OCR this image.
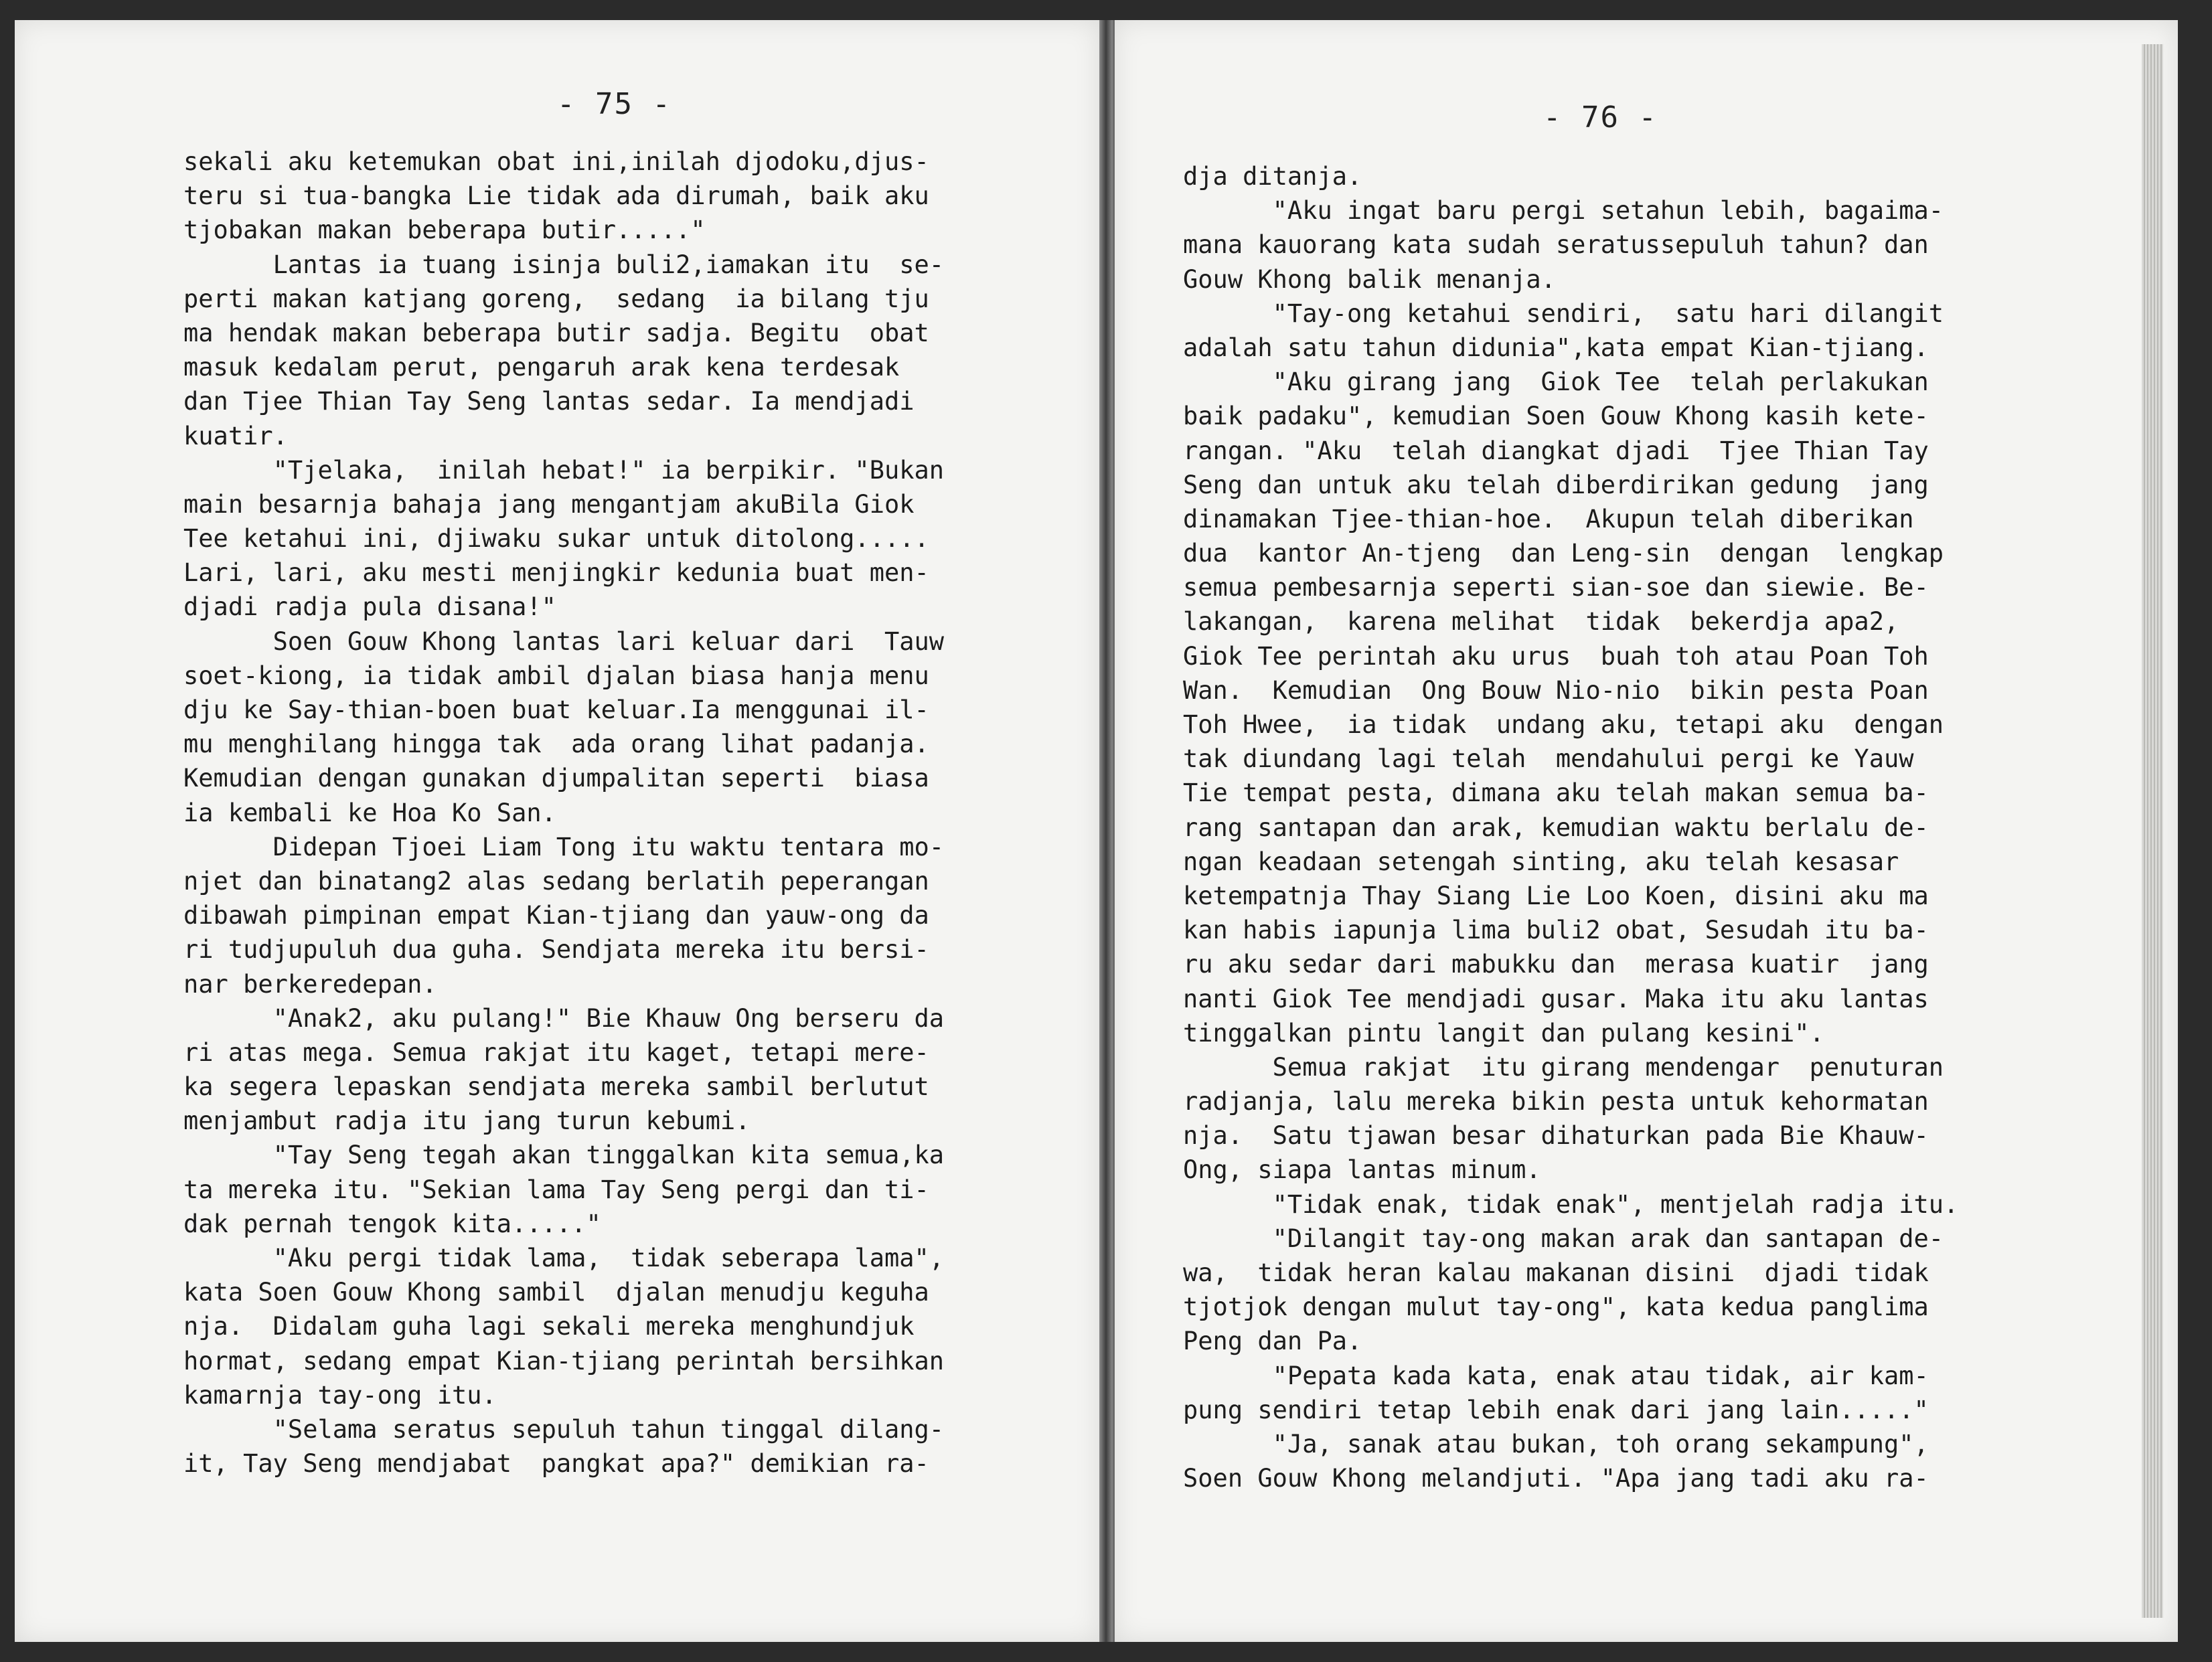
- 75 -
sekali aku ketemukan obat ini,inilah djodoku,djus-
teru si tua-bangka Lie tidak ada dirumah, baik aku
tjobakan makan beberapa butir....."
Lantas ia tuang isinja buli2,iamakan itu  se-
perti makan katjang goreng,  sedang  ia bilang tju
ma hendak makan beberapa butir sadja. Begitu  obat
masuk kedalam perut, pengaruh arak kena terdesak
dan Tjee Thian Tay Seng lantas sedar. Ia mendjadi
kuatir.
"Tjelaka,  inilah hebat!" ia berpikir. "Bukan
main besarnja bahaja jang mengantjam akuBila Giok
Tee ketahui ini, djiwaku sukar untuk ditolong.....
Lari, lari, aku mesti menjingkir kedunia buat men-
djadi radja pula disana!"
Soen Gouw Khong lantas lari keluar dari  Tauw
soet-kiong, ia tidak ambil djalan biasa hanja menu
dju ke Say-thian-boen buat keluar.Ia menggunai il-
mu menghilang hingga tak  ada orang lihat padanja.
Kemudian dengan gunakan djumpalitan seperti  biasa
ia kembali ke Hoa Ko San.
Didepan Tjoei Liam Tong itu waktu tentara mo-
njet dan binatang2 alas sedang berlatih peperangan
dibawah pimpinan empat Kian-tjiang dan yauw-ong da
ri tudjupuluh dua guha. Sendjata mereka itu bersi-
nar berkeredepan.
"Anak2, aku pulang!" Bie Khauw Ong berseru da
ri atas mega. Semua rakjat itu kaget, tetapi mere-
ka segera lepaskan sendjata mereka sambil berlutut
menjambut radja itu jang turun kebumi.
"Tay Seng tegah akan tinggalkan kita semua,ka
ta mereka itu. "Sekian lama Tay Seng pergi dan ti-
dak pernah tengok kita....."
"Aku pergi tidak lama,  tidak seberapa lama",
kata Soen Gouw Khong sambil  djalan menudju keguha
nja.  Didalam guha lagi sekali mereka menghundjuk
hormat, sedang empat Kian-tjiang perintah bersihkan
kamarnja tay-ong itu.
"Selama seratus sepuluh tahun tinggal dilang-
it, Tay Seng mendjabat  pangkat apa?" demikian ra-
- 76 -
dja ditanja.
"Aku ingat baru pergi setahun lebih, bagaima-
mana kauorang kata sudah seratussepuluh tahun? dan
Gouw Khong balik menanja.
"Tay-ong ketahui sendiri,  satu hari dilangit
adalah satu tahun didunia",kata empat Kian-tjiang.
"Aku girang jang  Giok Tee  telah perlakukan
baik padaku", kemudian Soen Gouw Khong kasih kete-
rangan. "Aku  telah diangkat djadi  Tjee Thian Tay
Seng dan untuk aku telah diberdirikan gedung  jang
dinamakan Tjee-thian-hoe.  Akupun telah diberikan
dua  kantor An-tjeng  dan Leng-sin  dengan  lengkap
semua pembesarnja seperti sian-soe dan siewie. Be-
lakangan,  karena melihat  tidak  bekerdja apa2,
Giok Tee perintah aku urus  buah toh atau Poan Toh
Wan.  Kemudian  Ong Bouw Nio-nio  bikin pesta Poan
Toh Hwee,  ia tidak  undang aku, tetapi aku  dengan
tak diundang lagi telah  mendahului pergi ke Yauw
Tie tempat pesta, dimana aku telah makan semua ba-
rang santapan dan arak, kemudian waktu berlalu de-
ngan keadaan setengah sinting, aku telah kesasar
ketempatnja Thay Siang Lie Loo Koen, disini aku ma
kan habis iapunja lima buli2 obat, Sesudah itu ba-
ru aku sedar dari mabukku dan  merasa kuatir  jang
nanti Giok Tee mendjadi gusar. Maka itu aku lantas
tinggalkan pintu langit dan pulang kesini".
Semua rakjat  itu girang mendengar  penuturan
radjanja, lalu mereka bikin pesta untuk kehormatan
nja.  Satu tjawan besar dihaturkan pada Bie Khauw-
Ong, siapa lantas minum.
"Tidak enak, tidak enak", mentjelah radja itu.
"Dilangit tay-ong makan arak dan santapan de-
wa,  tidak heran kalau makanan disini  djadi tidak
tjotjok dengan mulut tay-ong", kata kedua panglima
Peng dan Pa.
"Pepata kada kata, enak atau tidak, air kam-
pung sendiri tetap lebih enak dari jang lain....."
"Ja, sanak atau bukan, toh orang sekampung",
Soen Gouw Khong melandjuti. "Apa jang tadi aku ra-
